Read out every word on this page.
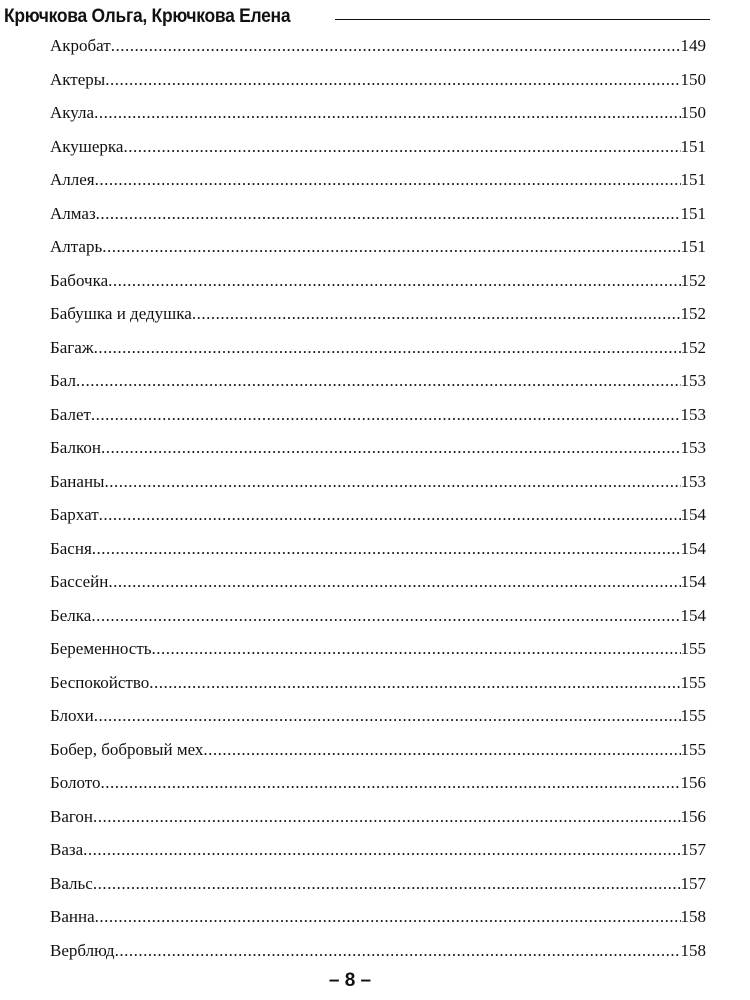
Крючкова Ольга, Крючкова Елена
Акробат .....	149
Актеры .....	150
Акула .....	150
Акушерка .....	151
Аллея .....	151
Алмаз .....	151
Алтарь .....	151
Бабочка .....	152
Бабушка и дедушка .....	152
Багаж .....	152
Бал .....	153
Балет .....	153
Балкон .....	153
Бананы .....	153
Бархат .....	154
Басня .....	154
Бассейн .....	154
Белка .....	154
Беременность .....	155
Беспокойство .....	155
Блохи .....	155
Бобер, бобровый мех .....	155
Болото .....	156
Вагон .....	156
Ваза .....	157
Вальс .....	157
Ванна .....	158
Верблюд .....	158
– 8 –
